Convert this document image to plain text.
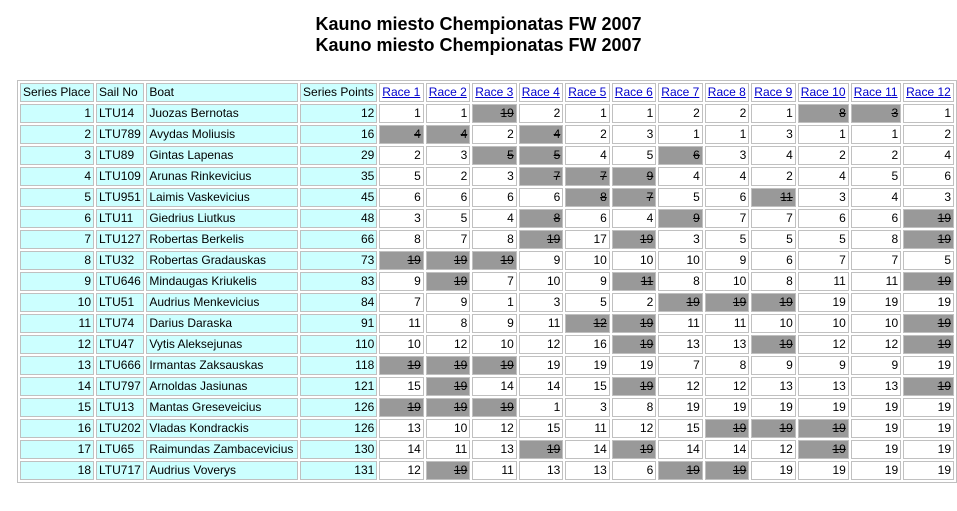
Kauno miesto Chempionatas FW 2007
Kauno miesto Chempionatas FW 2007
Series Place	Sail No	Boat	Series Points	Race 1	Race 2	Race 3	Race 4	Race 5	Race 6	Race 7	Race 8	Race 9	Race 10	Race 11	Race 12
1	LTU14	Juozas Bernotas	12	1	1	19	2	1	1	2	2	1	8	3	1
2	LTU789	Avydas Moliusis	16	4	4	2	4	2	3	1	1	3	1	1	2
3	LTU89	Gintas Lapenas	29	2	3	5	5	4	5	6	3	4	2	2	4
4	LTU109	Arunas Rinkevicius	35	5	2	3	7	7	9	4	4	2	4	5	6
5	LTU951	Laimis Vaskevicius	45	6	6	6	6	8	7	5	6	11	3	4	3
6	LTU11	Giedrius Liutkus	48	3	5	4	8	6	4	9	7	7	6	6	19
7	LTU127	Robertas Berkelis	66	8	7	8	19	17	19	3	5	5	5	8	19
8	LTU32	Robertas Gradauskas	73	19	19	19	9	10	10	10	9	6	7	7	5
9	LTU646	Mindaugas Kriukelis	83	9	19	7	10	9	11	8	10	8	11	11	19
10	LTU51	Audrius Menkevicius	84	7	9	1	3	5	2	19	19	19	19	19	19
11	LTU74	Darius Daraska	91	11	8	9	11	12	19	11	11	10	10	10	19
12	LTU47	Vytis Aleksejunas	110	10	12	10	12	16	19	13	13	19	12	12	19
13	LTU666	Irmantas Zaksauskas	118	19	19	19	19	19	19	7	8	9	9	9	19
14	LTU797	Arnoldas Jasiunas	121	15	19	14	14	15	19	12	12	13	13	13	19
15	LTU13	Mantas Greseveicius	126	19	19	19	1	3	8	19	19	19	19	19	19
16	LTU202	Vladas Kondrackis	126	13	10	12	15	11	12	15	19	19	19	19	19
17	LTU65	Raimundas Zambacevicius	130	14	11	13	19	14	19	14	14	12	19	19	19
18	LTU717	Audrius Voverys	131	12	19	11	13	13	6	19	19	19	19	19	19
